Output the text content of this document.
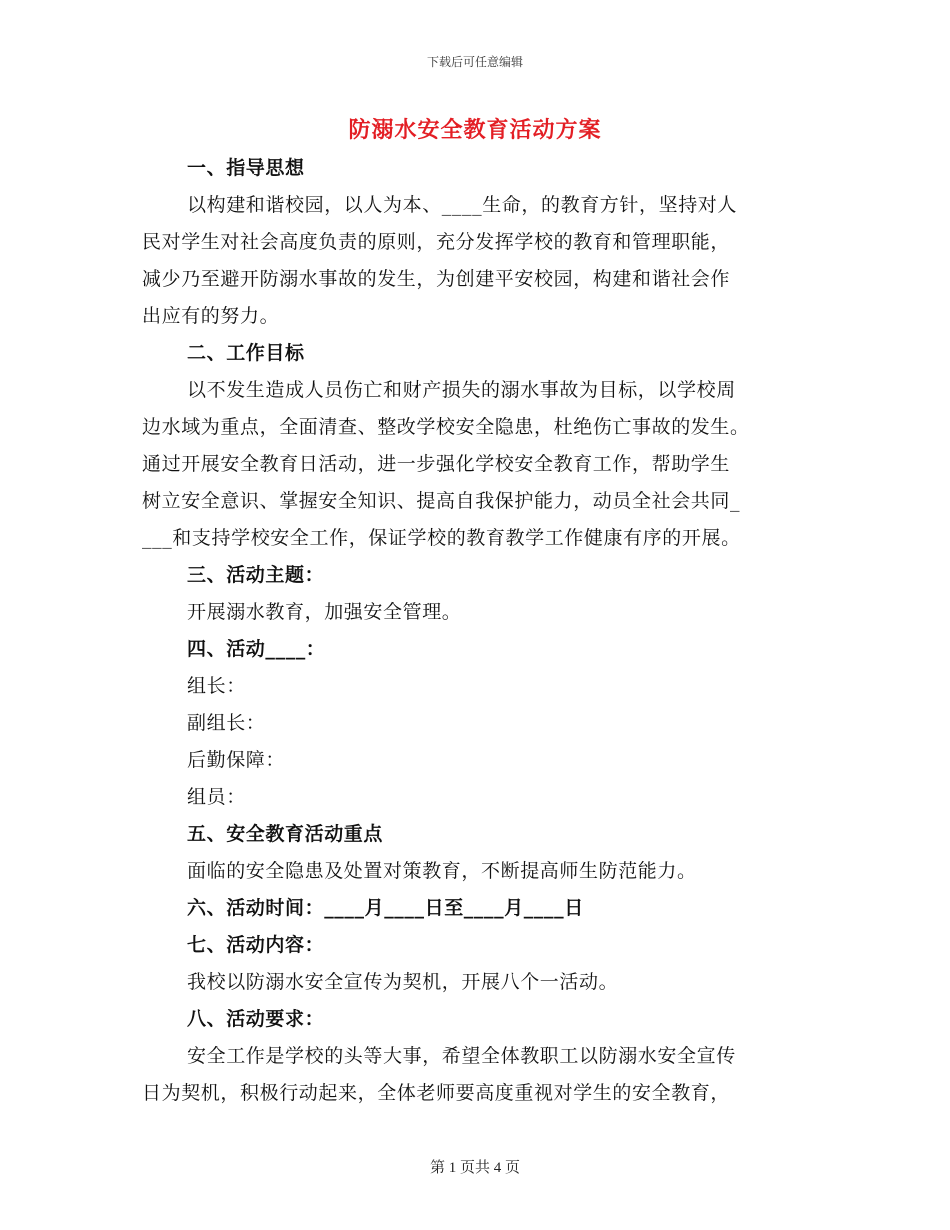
下载后可任意编辑
防溺水安全教育活动方案
一、指导思想
以构建和谐校园，以人为本、____生命，的教育方针，坚持对人
民对学生对社会高度负责的原则，充分发挥学校的教育和管理职能，
减少乃至避开防溺水事故的发生，为创建平安校园，构建和谐社会作
出应有的努力。
二、工作目标
以不发生造成人员伤亡和财产损失的溺水事故为目标，以学校周
边水域为重点，全面清查、整改学校安全隐患，杜绝伤亡事故的发生。
通过开展安全教育日活动，进一步强化学校安全教育工作，帮助学生
树立安全意识、掌握安全知识、提高自我保护能力，动员全社会共同_
___和支持学校安全工作，保证学校的教育教学工作健康有序的开展。
三、活动主题：
开展溺水教育，加强安全管理。
四、活动____：
组长：
副组长：
后勤保障：
组员：
五、安全教育活动重点
面临的安全隐患及处置对策教育，不断提高师生防范能力。
六、活动时间：____月____日至____月____日
七、活动内容：
我校以防溺水安全宣传为契机，开展八个一活动。
八、活动要求：
安全工作是学校的头等大事，希望全体教职工以防溺水安全宣传
日为契机，积极行动起来，全体老师要高度重视对学生的安全教育，
第 1 页共 4 页
